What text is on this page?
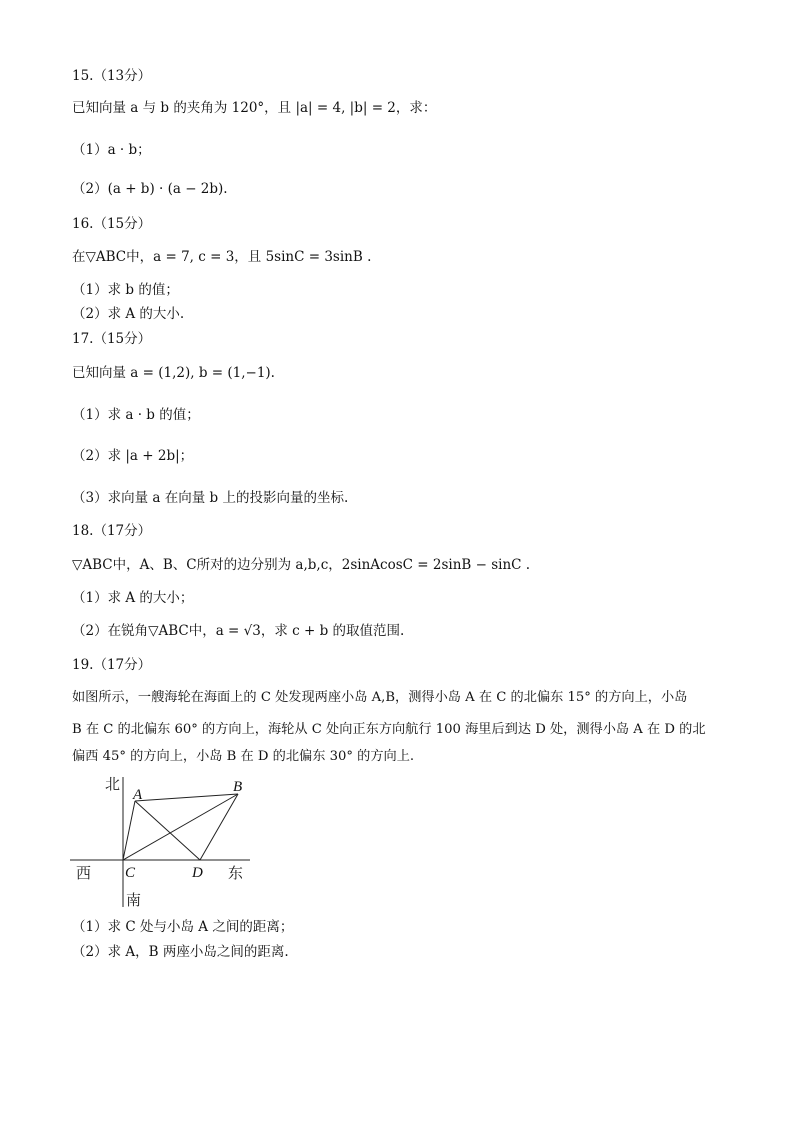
15.（13分）
已知向量 a 与 b 的夹角为 120°，且 |a| = 4, |b| = 2，求：
（1）a · b；
（2）(a + b) · (a − 2b).
16.（15分）
在▽ABC中，a = 7, c = 3，且 5sinC = 3sinB .
（1）求 b 的值；
（2）求 A 的大小.
17.（15分）
已知向量 a = (1,2), b = (1,−1).
（1）求 a · b 的值；
（2）求 |a + 2b|；
（3）求向量 a 在向量 b 上的投影向量的坐标.
18.（17分）
▽ABC中，A、B、C所对的边分别为 a,b,c，2sinAcosC = 2sinB − sinC .
（1）求 A 的大小；
（2）在锐角▽ABC中，a = √3，求 c + b 的取值范围.
19.（17分）
如图所示，一艘海轮在海面上的 C 处发现两座小岛 A,B，测得小岛 A 在 C 的北偏东 15° 的方向上，小岛
B 在 C 的北偏东 60° 的方向上，海轮从 C 处向正东方向航行 100 海里后到达 D 处，测得小岛 A 在 D 的北
偏西 45° 的方向上，小岛 B 在 D 的北偏东 30° 的方向上.
北
南
西	东
A	B
C	D
（1）求 C 处与小岛 A 之间的距离；
（2）求 A，B 两座小岛之间的距离.
